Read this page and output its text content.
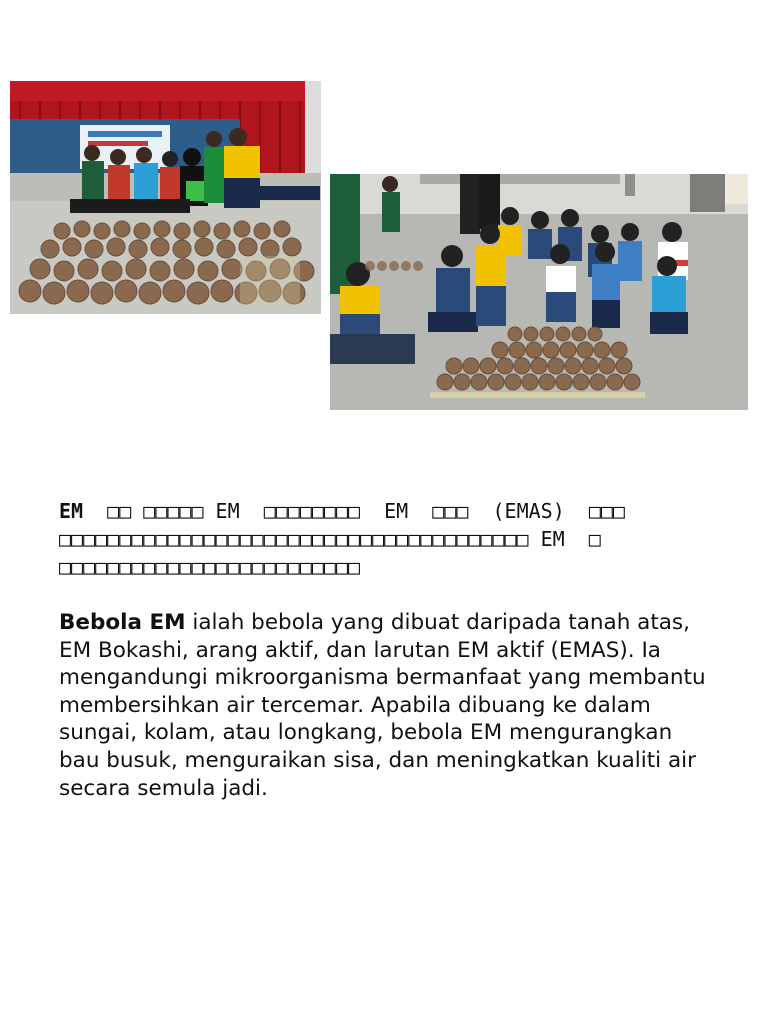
EM  □□ □□□□□ EM  □□□□□□□□  EM  □□□  (EMAS)  □□□
□□□□□□□□□□□□□□□□□□□□□□□□□□□□□□□□□□□□□□□ EM  □
□□□□□□□□□□□□□□□□□□□□□□□□□

Bebola EM ialah bebola yang dibuat daripada tanah atas, EM Bokashi, arang aktif, dan larutan EM aktif (EMAS). Ia mengandungi mikroorganisma bermanfaat yang membantu membersihkan air tercemar. Apabila dibuang ke dalam sungai, kolam, atau longkang, bebola EM mengurangkan bau busuk, menguraikan sisa, dan meningkatkan kualiti air secara semula jadi.
